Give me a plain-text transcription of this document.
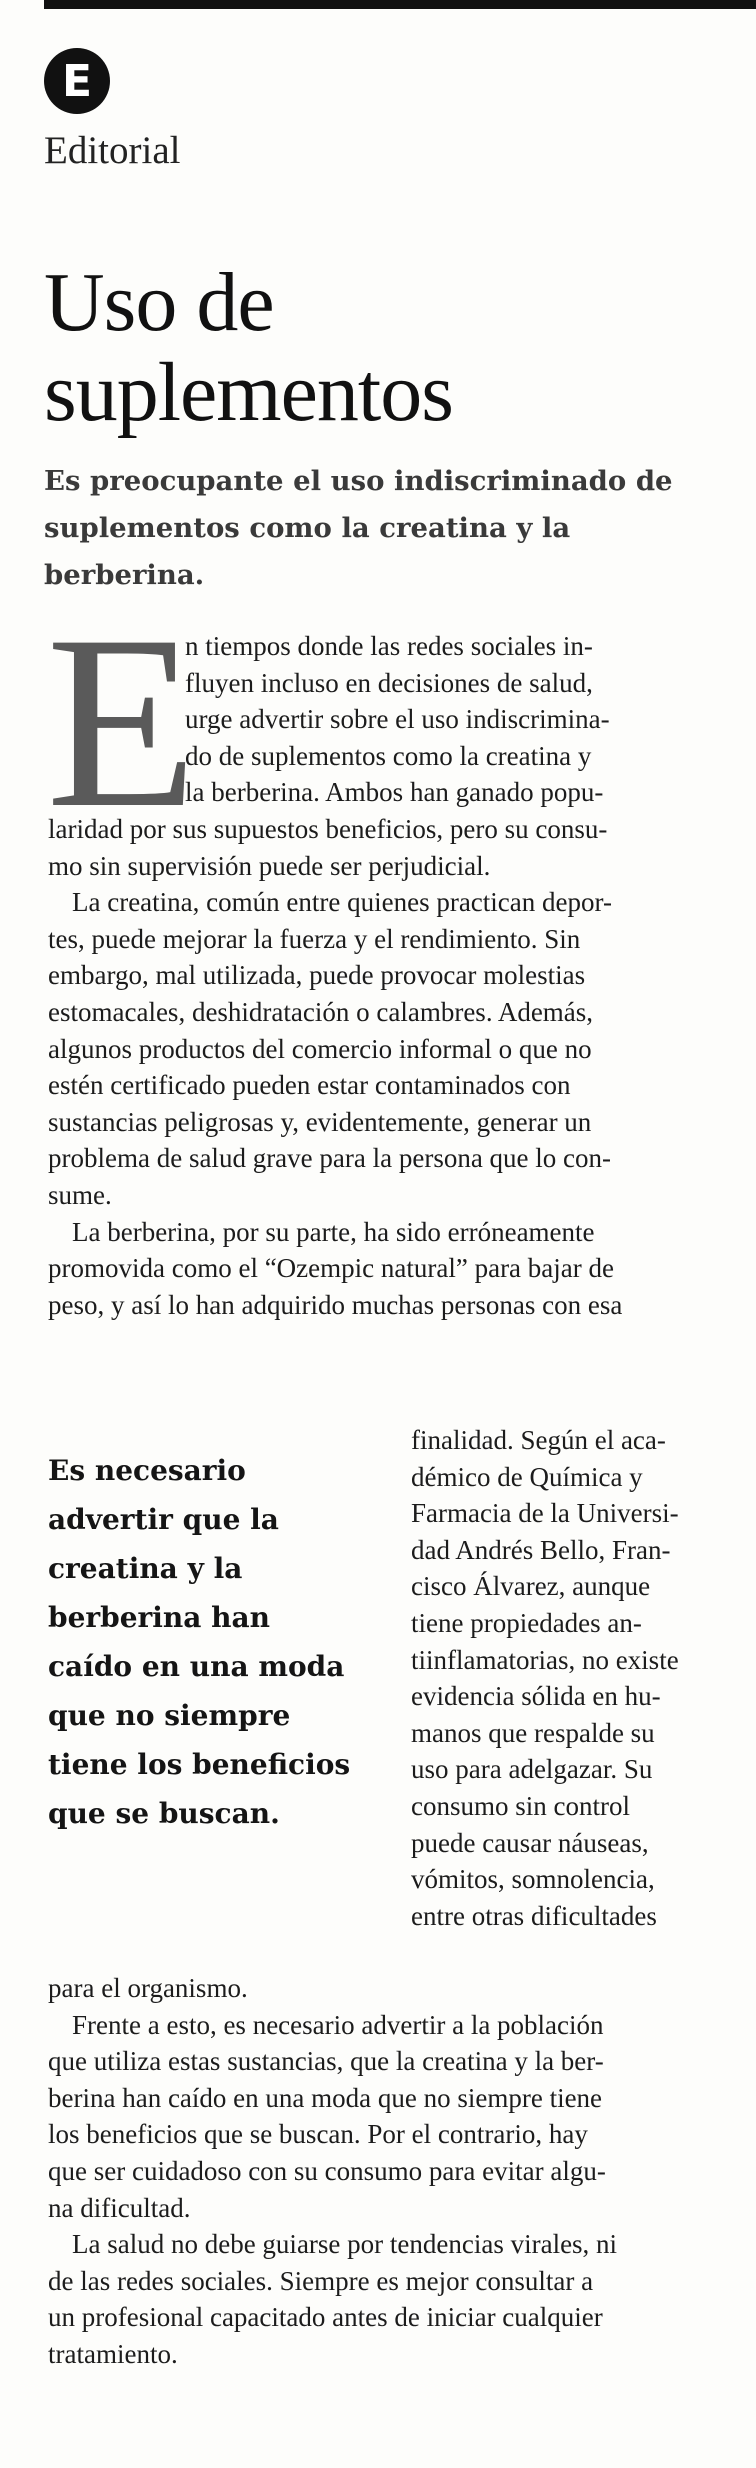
E
Editorial
Uso de
suplementos
Es preocupante el uso indiscriminado de
suplementos como la creatina y la
berberina.
E
n tiempos donde las redes sociales in-
fluyen incluso en decisiones de salud,
urge advertir sobre el uso indiscrimina-
do de suplementos como la creatina y
la berberina. Ambos han ganado popu-
laridad por sus supuestos beneficios, pero su consu-
mo sin supervisión puede ser perjudicial.
La creatina, común entre quienes practican depor-
tes, puede mejorar la fuerza y el rendimiento. Sin
embargo, mal utilizada, puede provocar molestias
estomacales, deshidratación o calambres. Además,
algunos productos del comercio informal o que no
estén certificado pueden estar contaminados con
sustancias peligrosas y, evidentemente, generar un
problema de salud grave para la persona que lo con-
sume.
La berberina, por su parte, ha sido erróneamente
promovida como el “Ozempic natural” para bajar de
peso, y así lo han adquirido muchas personas con esa
Es necesario
advertir que la
creatina y la
berberina han
caído en una moda
que no siempre
tiene los beneficios
que se buscan.
finalidad. Según el aca-
démico de Química y
Farmacia de la Universi-
dad Andrés Bello, Fran-
cisco Álvarez, aunque
tiene propiedades an-
tiinflamatorias, no existe
evidencia sólida en hu-
manos que respalde su
uso para adelgazar. Su
consumo sin control
puede causar náuseas,
vómitos, somnolencia,
entre otras dificultades
para el organismo.
Frente a esto, es necesario advertir a la población
que utiliza estas sustancias, que la creatina y la ber-
berina han caído en una moda que no siempre tiene
los beneficios que se buscan. Por el contrario, hay
que ser cuidadoso con su consumo para evitar algu-
na dificultad.
La salud no debe guiarse por tendencias virales, ni
de las redes sociales. Siempre es mejor consultar a
un profesional capacitado antes de iniciar cualquier
tratamiento.
